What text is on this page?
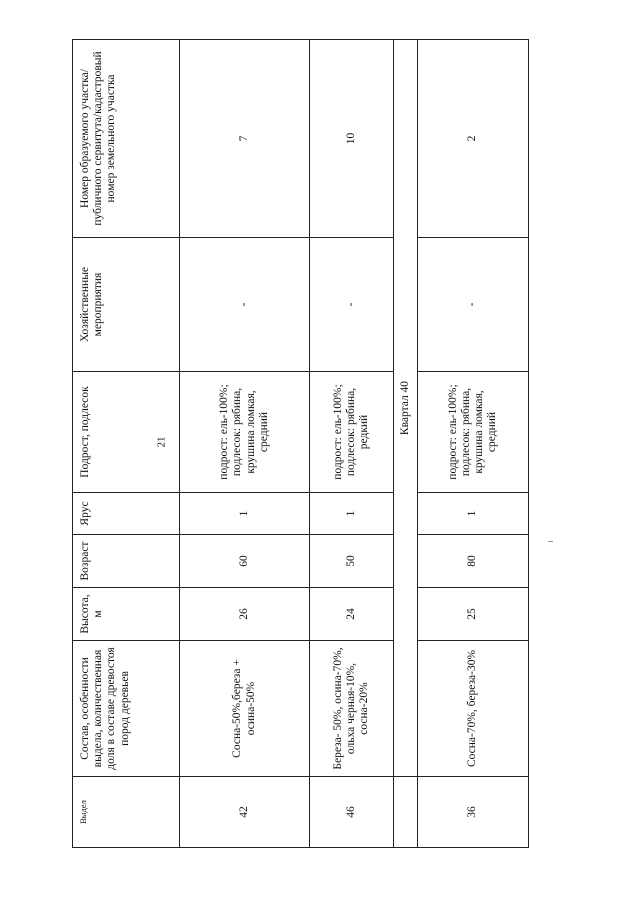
21
Выдел	Состав, особенности выдела, количественная доля в составе древостоя пород деревьев	Высота, м	Возраст	Ярус	Подрост, подлесок	Хозяйственные мероприятия	Номер образуемого участка/публичного сервитута/кадастровый номер земельного участка
42	Сосна-50%,береза + осина-50%	26	60	1	подрост: ель-100%; подлесок: рябина, крушина ломкая, средний	-	7
46	Береза- 50%, осина-70%, ольха черная-10%, сосна-20%	24	50	1	подрост: ель-100%; подлесок: рябина, редкий	-	10
	Квартал 40						
36	Сосна-70%, береза-30%	25	80	1	подрост: ель-100%; подлесок: рябина, крушина ломкая, средний	-	2
